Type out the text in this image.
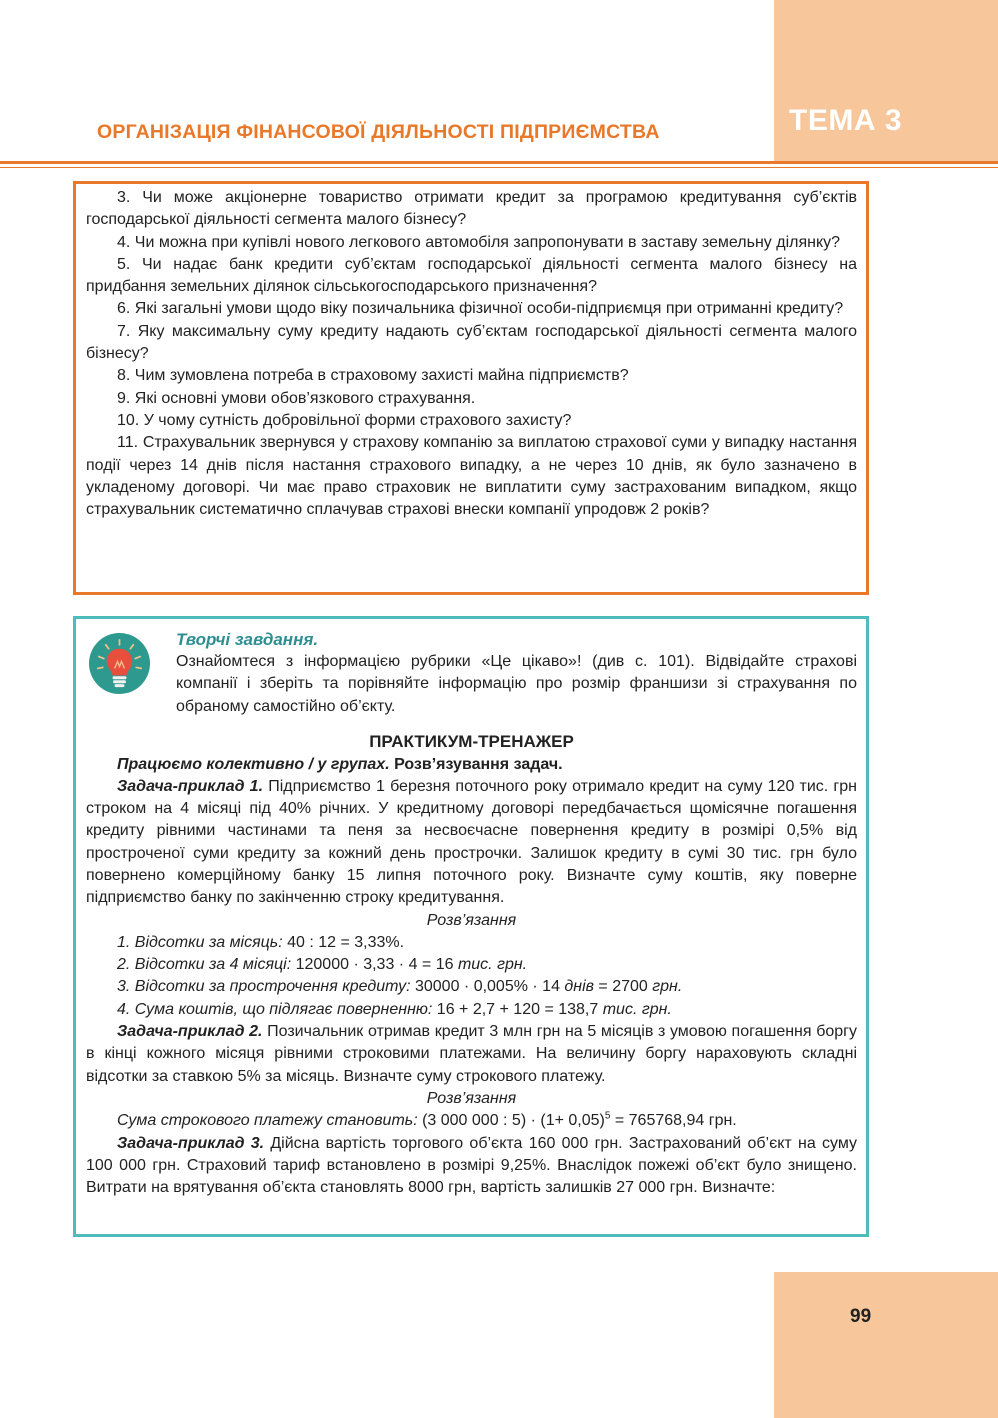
ТЕМА 3
ОРГАНІЗАЦІЯ ФІНАНСОВОЇ ДІЯЛЬНОСТІ ПІДПРИЄМСТВА

3. Чи може акціонерне товариство отримати кредит за програмою кредитування суб’єктів господарської діяльності сегмента малого бізнесу?

4. Чи можна при купівлі нового легкового автомобіля запропонувати в заставу земельну ділянку?

5. Чи надає банк кредити суб’єктам господарської діяльності сегмента малого бізнесу на придбання земельних ділянок сільськогосподарського призначення?

6. Які загальні умови щодо віку позичальника фізичної особи-підприємця при отриманні кредиту?

7. Яку максимальну суму кредиту надають суб’єктам господарської діяльності сегмента малого бізнесу?

8. Чим зумовлена потреба в страховому захисті майна підприємств?

9. Які основні умови обов’язкового страхування.

10. У чому сутність добровільної форми страхового захисту?

11. Страхувальник звернувся у страхову компанію за виплатою страхової суми у випадку настання події через 14 днів після настання страхового випадку, а не через 10 днів, як було зазначено в укладеному договорі. Чи має право страховик не виплатити суму застрахованим випадком, якщо страхувальник систематично сплачував страхові внески компанії упродовж 2 років?

Творчі завдання.

Ознайомтеся з інформацією рубрики «Це цікаво»! (див с. 101). Відвідайте страхові компанії і зберіть та порівняйте інформацію про розмір франшизи зі страхування по обраному самостійно об’єкту.

ПРАКТИКУМ-ТРЕНАЖЕР

Працюємо колективно / у групах. Розв’язування задач.

Задача-приклад 1. Підприємство 1 березня поточного року отримало кредит на суму 120 тис. грн строком на 4 місяці під 40% річних. У кредитному договорі передбачається щомісячне погашення кредиту рівними частинами та пеня за несвоєчасне повернення кредиту в розмірі 0,5% від простроченої суми кредиту за кожний день прострочки. Залишок кредиту в сумі 30 тис. грн було повернено комерційному банку 15 липня поточного року. Визначте суму коштів, яку поверне підприємство банку по закінченню строку кредитування.

Розв’язання

1. Відсотки за місяць: 40 : 12 = 3,33%.

2. Відсотки за 4 місяці: 120000 · 3,33 · 4 = 16 тис. грн.

3. Відсотки за прострочення кредиту: 30000 · 0,005% · 14 днів = 2700 грн.

4. Сума коштів, що підлягає поверненню: 16 + 2,7 + 120 = 138,7 тис. грн.

Задача-приклад 2. Позичальник отримав кредит 3 млн грн на 5 місяців з умовою погашення боргу в кінці кожного місяця рівними строковими платежами. На величину боргу нараховують складні відсотки за ставкою 5% за місяць. Визначте суму строкового платежу.

Розв’язання

Сума строкового платежу становить: (3 000 000 : $5) \cdot (1+ 0,05)^5 = 765768,94$ грн.

Задача-приклад 3. Дійсна вартість торгового об’єкта 160 000 грн. Застрахований об’єкт на суму 100 000 грн. Страховий тариф встановлено в розмірі 9,25%. Внаслідок пожежі об’єкт було знищено. Витрати на врятування об’єкта становлять 8000 грн, вартість залишків 27 000 грн. Визначте:

99
